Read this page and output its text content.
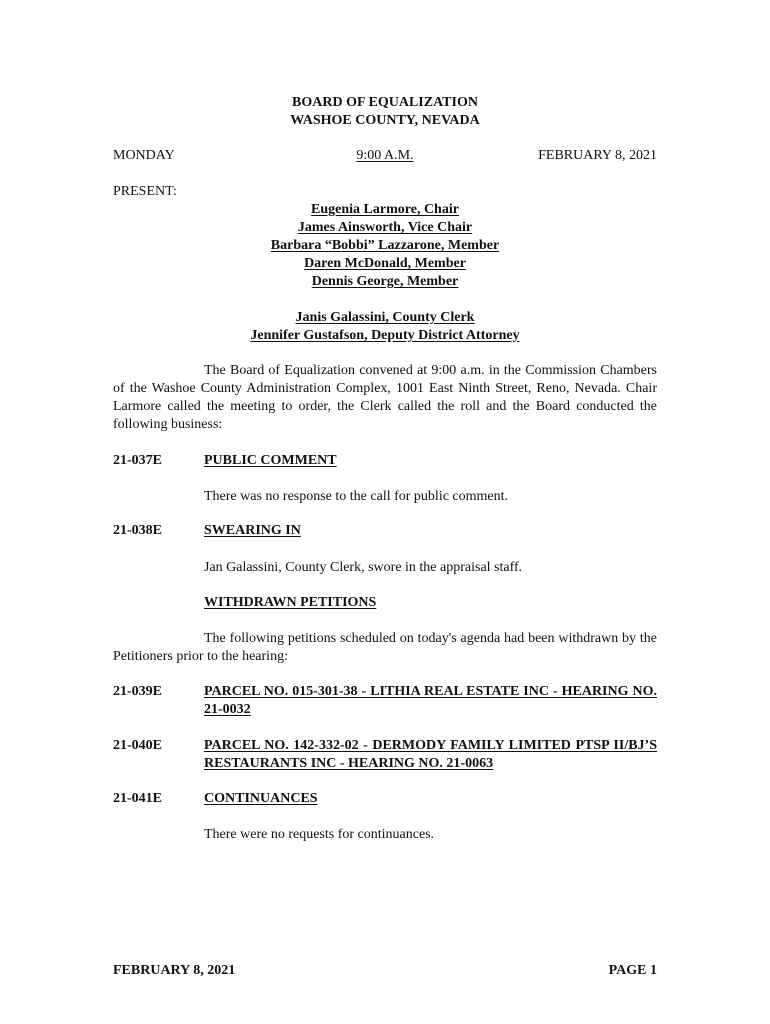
BOARD OF EQUALIZATION
WASHOE COUNTY, NEVADA
MONDAY	9:00 A.M.	FEBRUARY 8, 2021
PRESENT:
Eugenia Larmore, Chair
James Ainsworth, Vice Chair
Barbara “Bobbi” Lazzarone, Member
Daren McDonald, Member
Dennis George, Member
Janis Galassini, County Clerk
Jennifer Gustafson, Deputy District Attorney
The Board of Equalization convened at 9:00 a.m. in the Commission Chambers of the Washoe County Administration Complex, 1001 East Ninth Street, Reno, Nevada. Chair Larmore called the meeting to order, the Clerk called the roll and the Board conducted the following business:
21-037E	PUBLIC COMMENT
There was no response to the call for public comment.
21-038E	SWEARING IN
Jan Galassini, County Clerk, swore in the appraisal staff.
WITHDRAWN PETITIONS
The following petitions scheduled on today's agenda had been withdrawn by the Petitioners prior to the hearing:
21-039E	PARCEL NO. 015-301-38 - LITHIA REAL ESTATE INC - HEARING NO. 21-0032
21-040E	PARCEL NO. 142-332-02 - DERMODY FAMILY LIMITED PTSP II/BJ’S RESTAURANTS INC - HEARING NO. 21-0063
21-041E	CONTINUANCES
There were no requests for continuances.
FEBRUARY 8, 2021	PAGE 1
